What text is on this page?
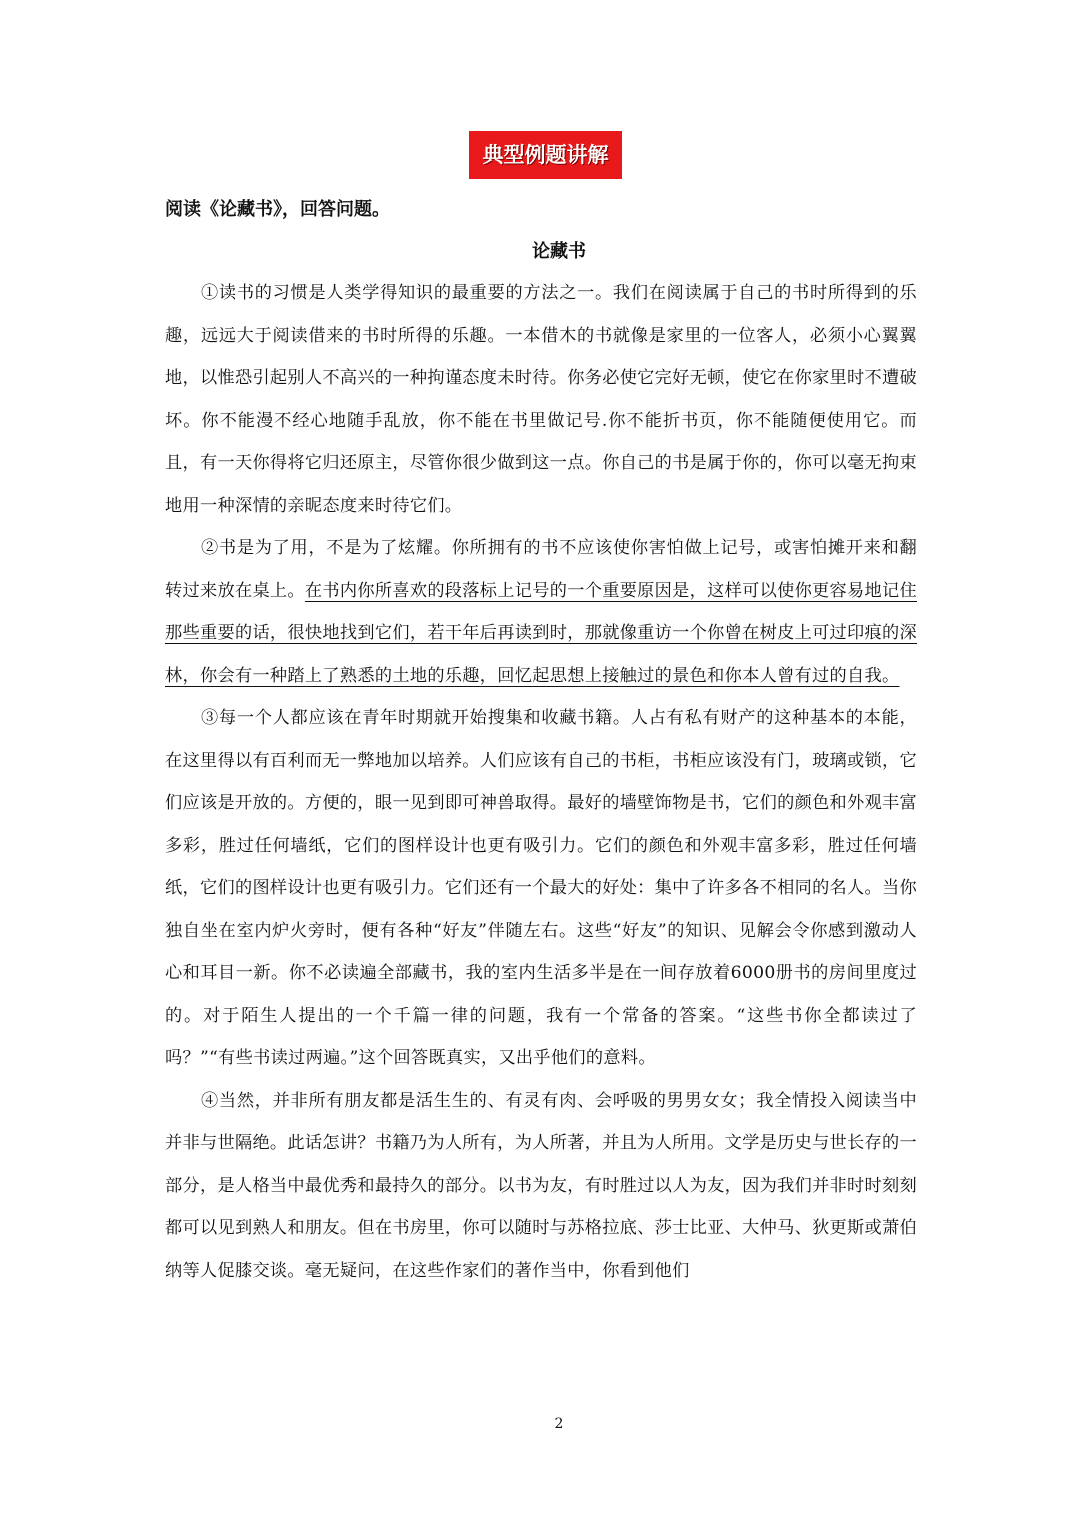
典型例题讲解
阅读《论藏书》，回答问题。
论藏书

①读书的习惯是人类学得知识的最重要的方法之一。我们在阅读属于自己的书时所得到的乐趣，远远大于阅读借来的书时所得的乐趣。一本借木的书就像是家里的一位客人，必须小心翼翼地，以惟恐引起别人不高兴的一种拘谨态度未时待。你务必使它完好无顿，使它在你家里时不遭破坏。你不能漫不经心地随手乱放，你不能在书里做记号.你不能折书页，你不能随便使用它。而且，有一天你得将它归还原主，尽管你很少做到这一点。你自己的书是属于你的，你可以毫无拘束地用一种深情的亲昵态度来时待它们。

②书是为了用，不是为了炫耀。你所拥有的书不应该使你害怕做上记号，或害怕摊开来和翻转过来放在桌上。在书内你所喜欢的段落标上记号的一个重要原因是，这样可以使你更容易地记住那些重要的话，很快地找到它们，若干年后再读到时，那就像重访一个你曾在树皮上可过印痕的深林，你会有一种踏上了熟悉的土地的乐趣，回忆起思想上接触过的景色和你本人曾有过的自我。

③每一个人都应该在青年时期就开始搜集和收藏书籍。人占有私有财产的这种基本的本能，在这里得以有百利而无一弊地加以培养。人们应该有自己的书柜，书柜应该没有门，玻璃或锁，它们应该是开放的。方便的，眼一见到即可神兽取得。最好的墙壁饰物是书，它们的颜色和外观丰富多彩，胜过任何墙纸，它们的图样设计也更有吸引力。它们的颜色和外观丰富多彩，胜过任何墙纸，它们的图样设计也更有吸引力。它们还有一个最大的好处：集中了许多各不相同的名人。当你独自坐在室内炉火旁时，便有各种“好友”伴随左右。这些“好友”的知识、见解会令你感到激动人心和耳目一新。你不必读遍全部藏书，我的室内生活多半是在一间存放着6000册书的房间里度过的。对于陌生人提出的一个千篇一律的问题，我有一个常备的答案。“这些书你全都读过了吗？”“有些书读过两遍。”这个回答既真实，又出乎他们的意料。

④当然，并非所有朋友都是活生生的、有灵有肉、会呼吸的男男女女；我全情投入阅读当中并非与世隔绝。此话怎讲？书籍乃为人所有，为人所著，并且为人所用。文学是历史与世长存的一部分，是人格当中最优秀和最持久的部分。以书为友，有时胜过以人为友，因为我们并非时时刻刻都可以见到熟人和朋友。但在书房里，你可以随时与苏格拉底、莎士比亚、大仲马、狄更斯或萧伯纳等人促膝交谈。毫无疑问，在这些作家们的著作当中，你看到他们

2
